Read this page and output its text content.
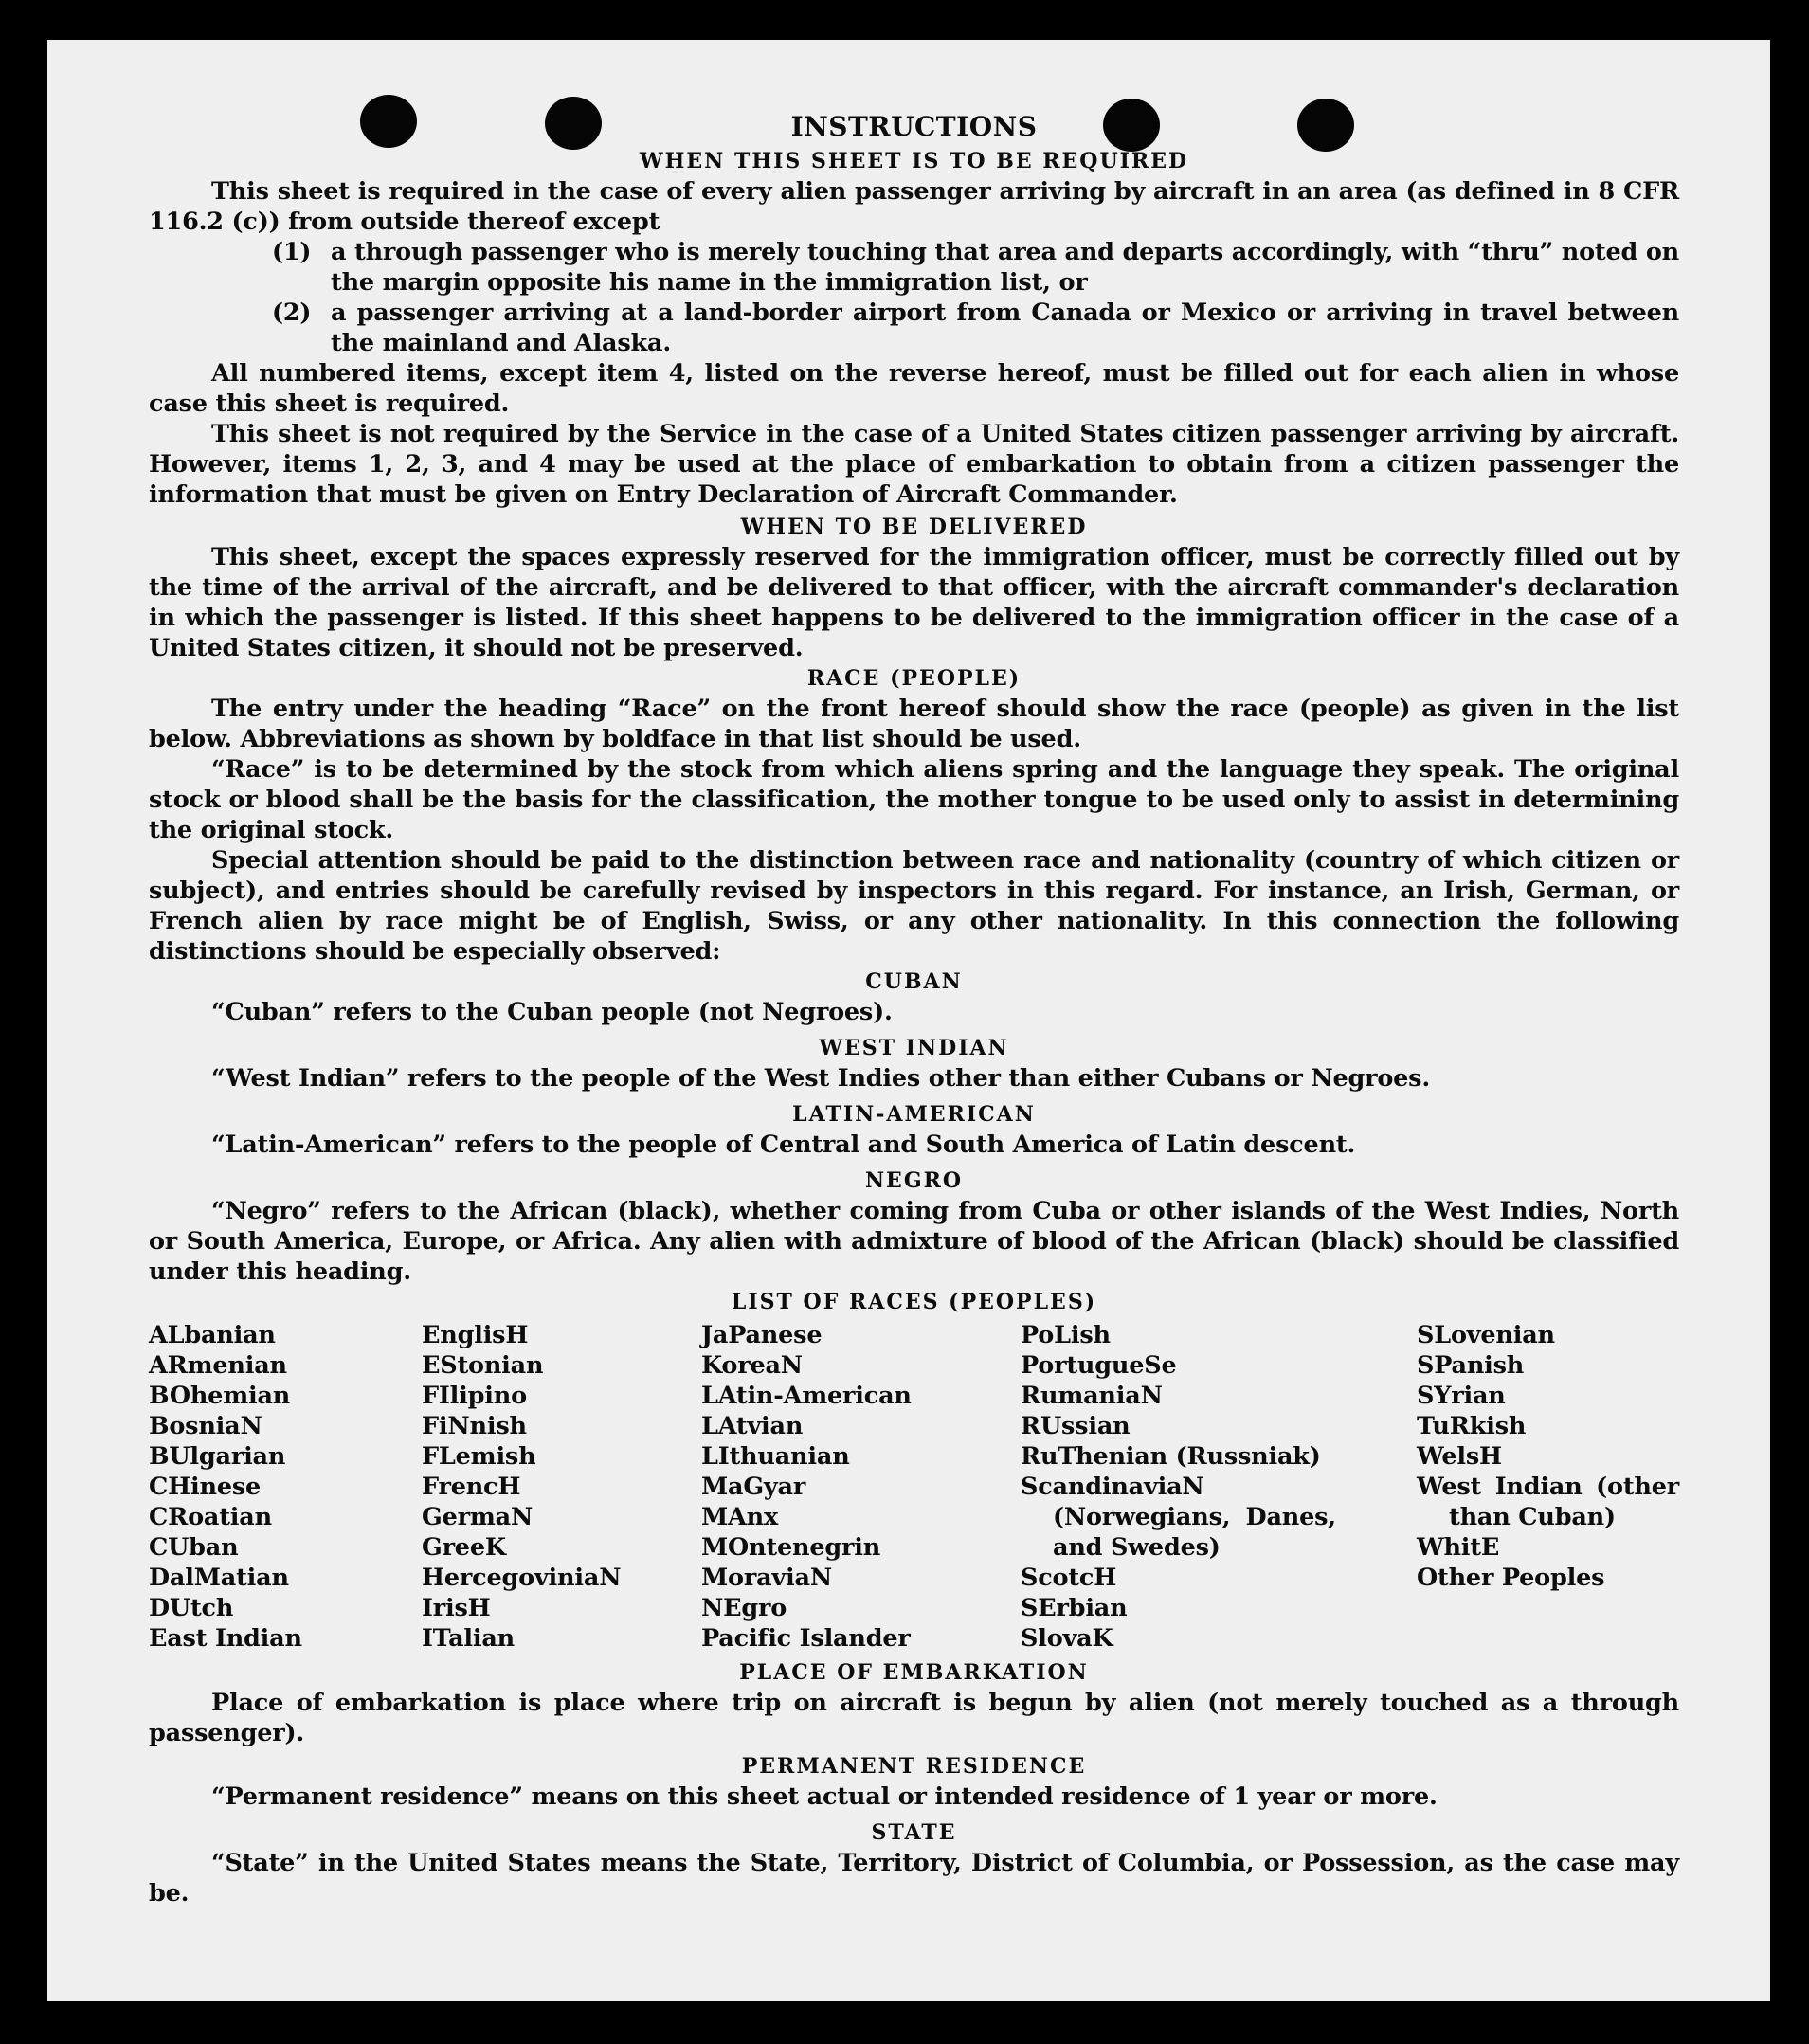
INSTRUCTIONS
WHEN THIS SHEET IS TO BE REQUIRED

This sheet is required in the case of every alien passenger arriving by aircraft in an area (as defined in 8 CFR 116.2 (c)) from outside thereof except

(1) a through passenger who is merely touching that area and departs accordingly, with “thru” noted on the margin opposite his name in the immigration list, or
(2) a passenger arriving at a land-border airport from Canada or Mexico or arriving in travel between the mainland and Alaska.

All numbered items, except item 4, listed on the reverse hereof, must be filled out for each alien in whose case this sheet is required.

This sheet is not required by the Service in the case of a United States citizen passenger arriving by aircraft. However, items 1, 2, 3, and 4 may be used at the place of embarkation to obtain from a citizen passenger the information that must be given on Entry Declaration of Aircraft Commander.

WHEN TO BE DELIVERED

This sheet, except the spaces expressly reserved for the immigration officer, must be correctly filled out by the time of the arrival of the aircraft, and be delivered to that officer, with the aircraft commander's declaration in which the passenger is listed. If this sheet happens to be delivered to the immigration officer in the case of a United States citizen, it should not be preserved.

RACE (PEOPLE)

The entry under the heading “Race” on the front hereof should show the race (people) as given in the list below. Abbreviations as shown by boldface in that list should be used.

“Race” is to be determined by the stock from which aliens spring and the language they speak. The original stock or blood shall be the basis for the classification, the mother tongue to be used only to assist in determining the original stock.

Special attention should be paid to the distinction between race and nationality (country of which citizen or subject), and entries should be carefully revised by inspectors in this regard. For instance, an Irish, German, or French alien by race might be of English, Swiss, or any other nationality. In this connection the following distinctions should be especially observed:

CUBAN

“Cuban” refers to the Cuban people (not Negroes).

WEST INDIAN

“West Indian” refers to the people of the West Indies other than either Cubans or Negroes.

LATIN-AMERICAN

“Latin-American” refers to the people of Central and South America of Latin descent.

NEGRO

“Negro” refers to the African (black), whether coming from Cuba or other islands of the West Indies, North or South America, Europe, or Africa. Any alien with admixture of blood of the African (black) should be classified under this heading.

LIST OF RACES (PEOPLES)
ALbanian
ARmenian
BOhemian
BosniaN
BUlgarian
CHinese
CRoatian
CUban
DalMatian
DUtch
East Indian
EnglisH
EStonian
FIlipino
FiNnish
FLemish
FrencH
GermaN
GreeK
HercegoviniaN
IrisH
ITalian
JaPanese
KoreaN
LAtin-American
LAtvian
LIthuanian
MaGyar
MAnx
MOntenegrin
MoraviaN
NEgro
Pacific Islander
PoLish
PortugueSe
RumaniaN
RUssian
RuThenian (Russniak)
ScandinaviaN (Norwegians, Danes, and Swedes)
ScotcH
SErbian
SlovaK
SLovenian
SPanish
SYrian
TuRkish
WelsH
West Indian (other than Cuban)
WhitE
Other Peoples
PLACE OF EMBARKATION

Place of embarkation is place where trip on aircraft is begun by alien (not merely touched as a through passenger).

PERMANENT RESIDENCE

“Permanent residence” means on this sheet actual or intended residence of 1 year or more.

STATE

“State” in the United States means the State, Territory, District of Columbia, or Possession, as the case may be.
